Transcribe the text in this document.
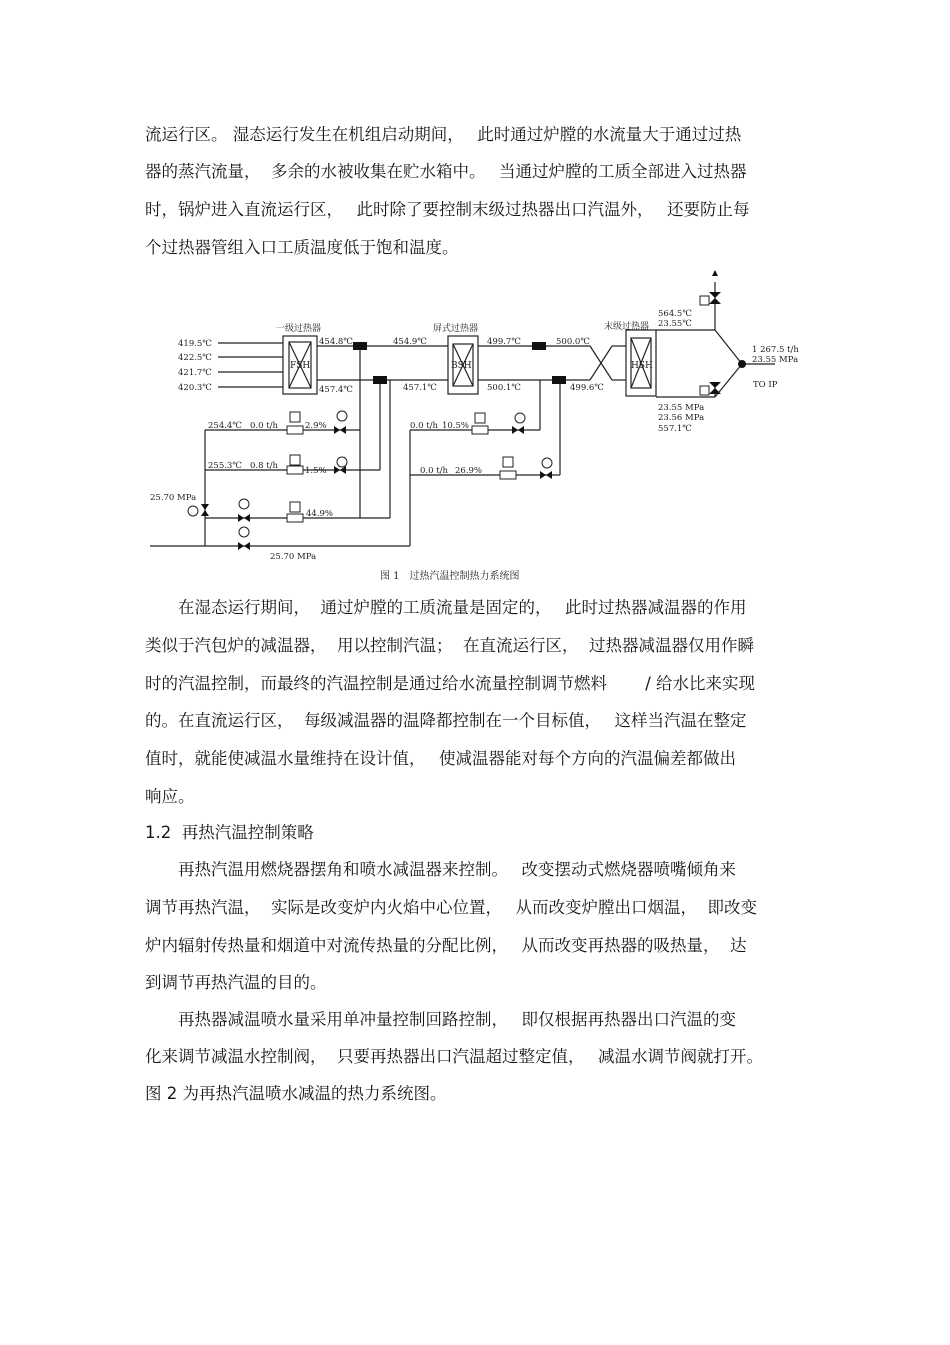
流运行区。 湿态运行发生在机组启动期间，　 此时通过炉膛的水流量大于通过过热

器的蒸汽流量，  多余的水被收集在贮水箱中。　 当通过炉膛的工质全部进入过热器

时，锅炉进入直流运行区，　 此时除了要控制末级过热器出口汽温外，　 还要防止每

个过热器管组入口工质温度低于饱和温度。

一级过热器	屏式过热器	末级过热器
FSH	BSH	HSH
419.5℃
422.5℃
421.7℃
420.3℃
454.8℃
457.4℃
454.9℃
457.1℃
499.7℃
500.1℃
500.0℃
499.6℃
564.5℃
23.55℃
23.55 MPa
23.56 MPa
557.1℃
1 267.5 t/h
23.55 MPa
TO IP
254.4℃ 0.0 t/h	2.9%
255.3℃ 0.8 t/h	1.5%
44.9%
0.0 t/h 10.5%
0.0 t/h 26.9%
25.70 MPa
25.70 MPa
图 1　过热汽温控制热力系统图

　　在湿态运行期间，  通过炉膛的工质流量是固定的，　 此时过热器减温器的作用

类似于汽包炉的减温器，  用以控制汽温；  在直流运行区，  过热器减温器仅用作瞬

时的汽温控制，而最终的汽温控制是通过给水流量控制调节燃料　　 / 给水比来实现

的。在直流运行区，  每级减温器的温降都控制在一个目标值，　 这样当汽温在整定

值时，就能使减温水量维持在设计值，　 使减温器能对每个方向的汽温偏差都做出

响应。

1.2  再热汽温控制策略

　　再热汽温用燃烧器摆角和喷水减温器来控制。　 改变摆动式燃烧器喷嘴倾角来

调节再热汽温，  实际是改变炉内火焰中心位置，　 从而改变炉膛出口烟温，  即改变

炉内辐射传热量和烟道中对流传热量的分配比例，　 从而改变再热器的吸热量，  达

到调节再热汽温的目的。

　　再热器减温喷水量采用单冲量控制回路控制，　 即仅根据再热器出口汽温的变

化来调节减温水控制阀，  只要再热器出口汽温超过整定值，　 减温水调节阀就打开。

图 2 为再热汽温喷水减温的热力系统图。
